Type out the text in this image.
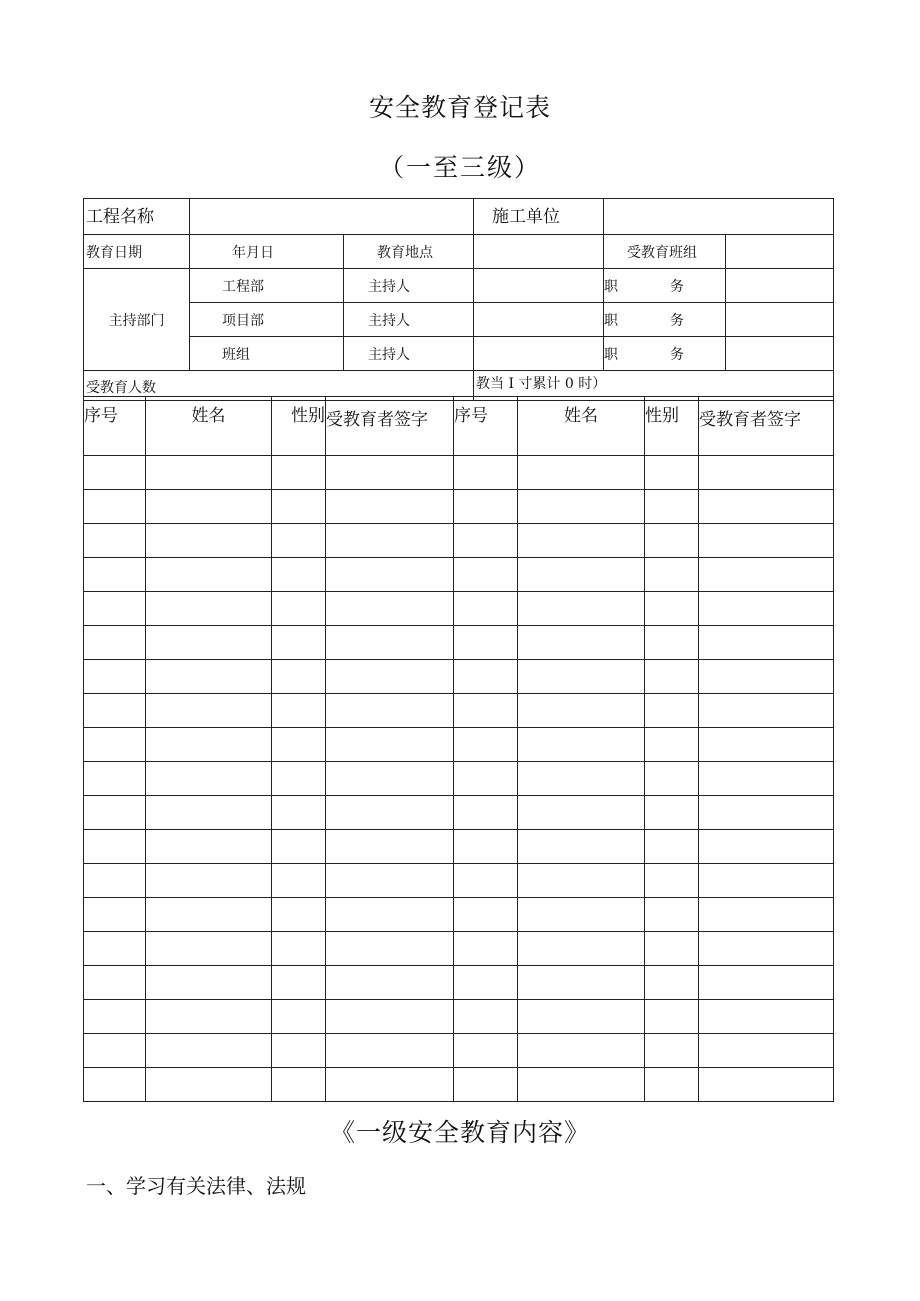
安全教育登记表
（一至三级）
工程名称			施工单位		
教育日期	年月日	教育地点		受教育班组	
主持部门	工程部	主持人		职 务	
	项目部	主持人		职 务	
	班组	主持人		职 务	
受教育人数			教当 I 寸累计 0 时）		
序号	姓名	性别	受教育者签字	序号	姓名	性别	受教育者签字

《一级安全教育内容》
一、学习有关法律、法规
